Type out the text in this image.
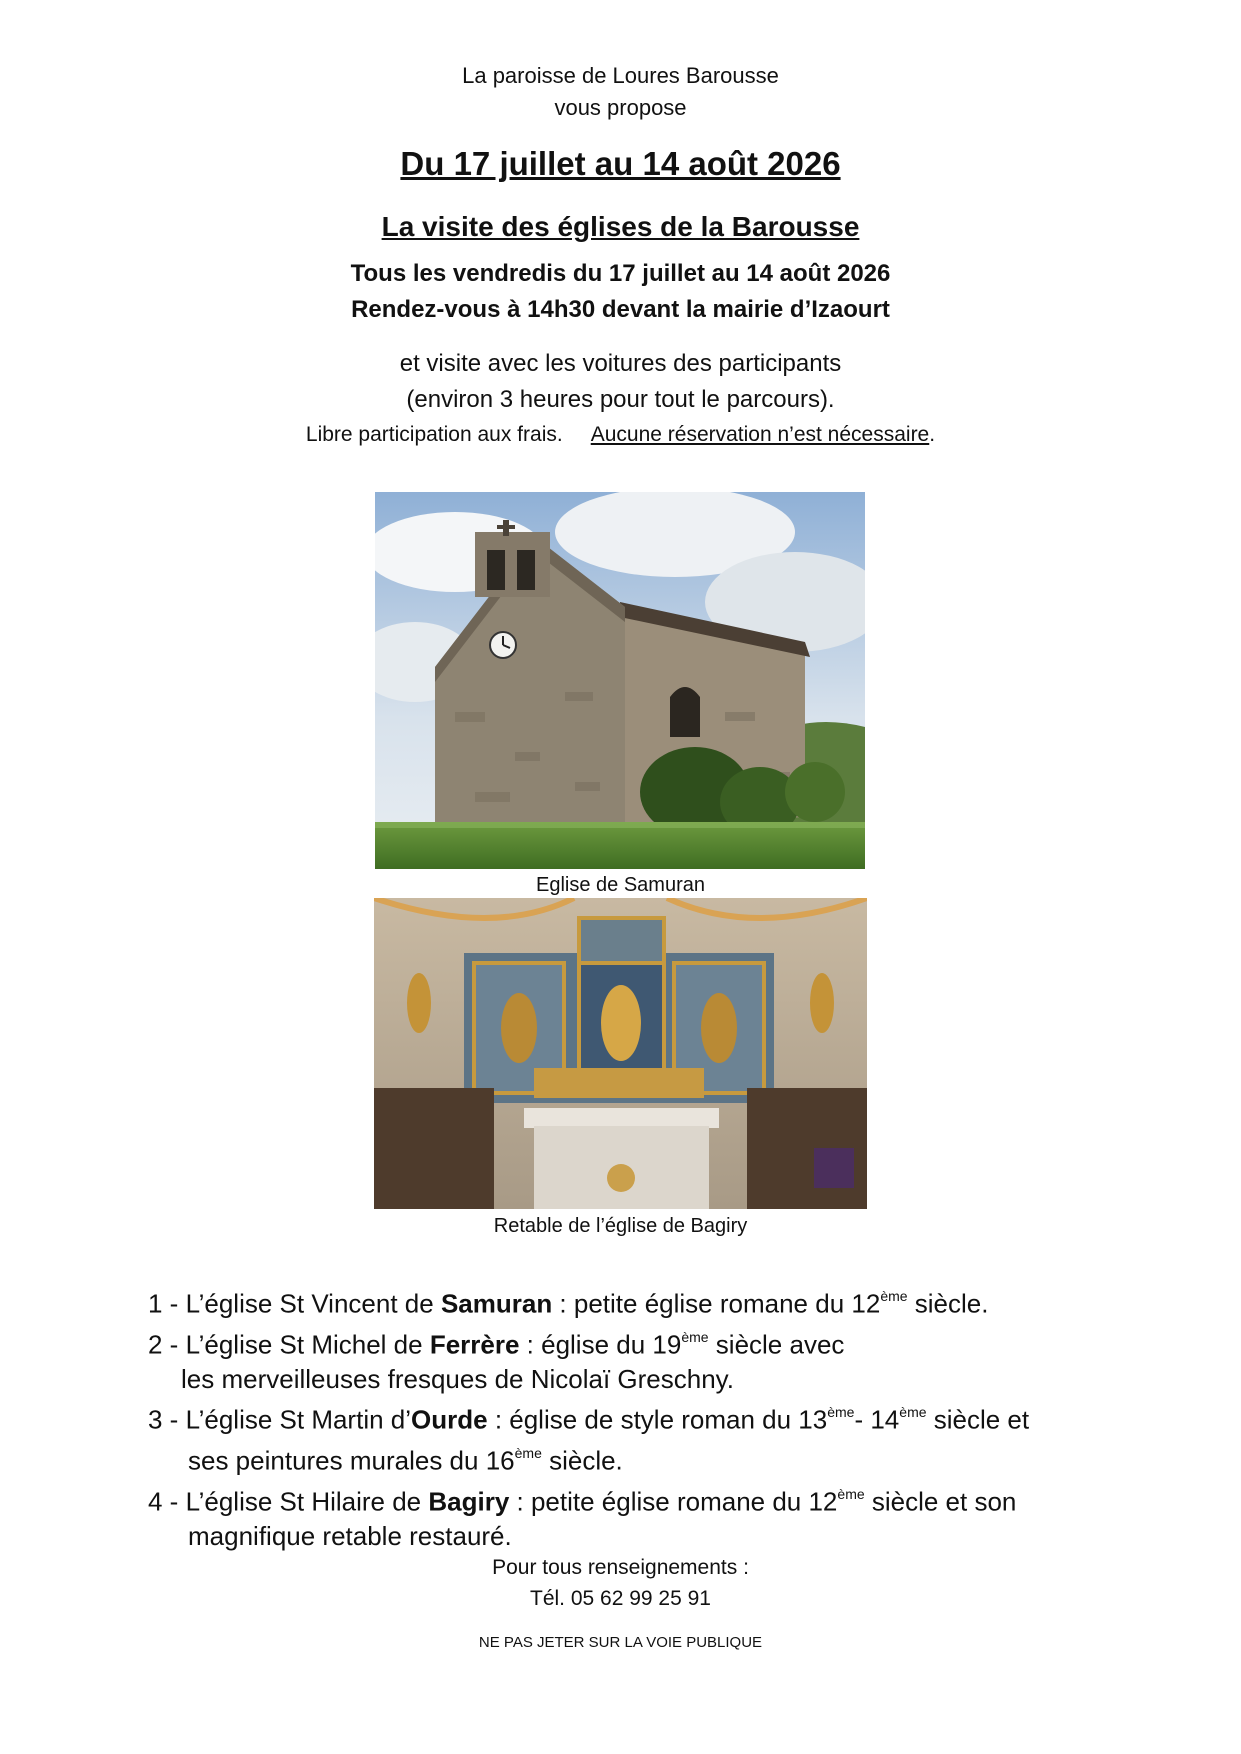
La paroisse de Loures Barousse
vous propose
Du 17 juillet au 14 août 2026
La visite des églises de la Barousse
Tous les vendredis du 17 juillet au 14 août 2026
Rendez-vous à 14h30 devant la mairie d’Izaourt
et visite avec les voitures des participants
(environ 3 heures pour tout le parcours).
Libre participation aux frais. Aucune réservation n’est nécessaire.
Eglise de Samuran
Retable de l’église de Bagiry
1 - L’église St Vincent de Samuran : petite église romane du 12ème siècle.
2 - L’église St Michel de Ferrère : église du 19ème siècle avec
les merveilleuses fresques de Nicolaï Greschny.
3 - L’église St Martin d’Ourde : église de style roman du 13ème- 14ème siècle et
ses peintures murales du 16ème siècle.
4 - L’église St Hilaire de Bagiry : petite église romane du 12ème siècle et son
magnifique retable restauré.
Pour tous renseignements :
Tél. 05 62 99 25 91
NE PAS JETER SUR LA VOIE PUBLIQUE
